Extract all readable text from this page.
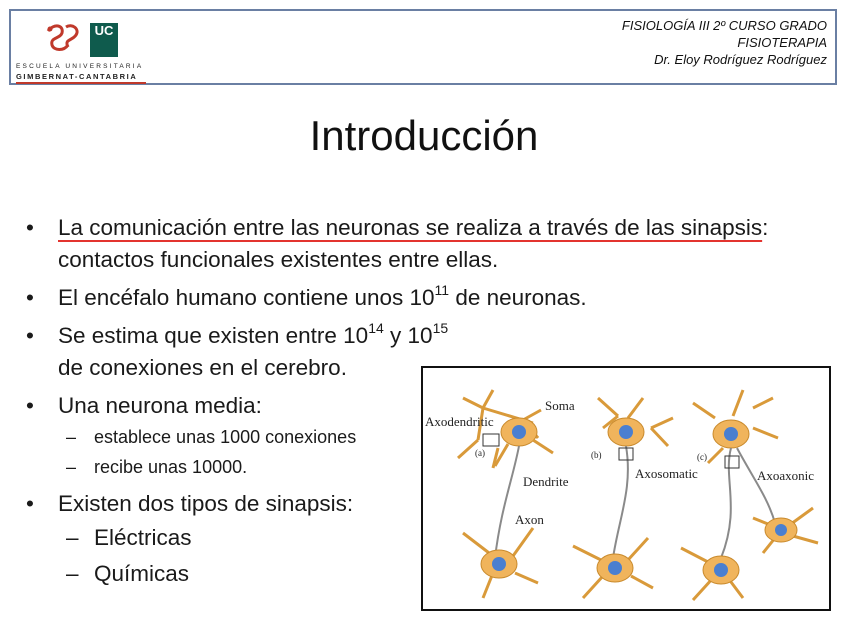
UC
ESCUELA UNIVERSITARIA
GIMBERNAT-CANTABRIA
FISIOLOGÍA III 2º CURSO GRADO
FISIOTERAPIA
Dr. Eloy Rodríguez Rodríguez
Introducción
• La comunicación entre las neuronas se realiza a través de las sinapsis: contactos funcionales existentes entre ellas.
• El encéfalo humano contiene unos $10^{11}$ de neuronas.
• Se estima que existen entre $10^{14}$ y $10^{15}de$ conexiones en el cerebro.
• Una neurona media:
– establece unas 1000 conexiones
– recibe unas 10000.
• Existen dos tipos de sinapsis:
– Eléctricas
– Químicas
Axodendritic
Soma
(a)	(b)	(c)
Dendrite
Axon
Axosomatic	Axoaxonic
